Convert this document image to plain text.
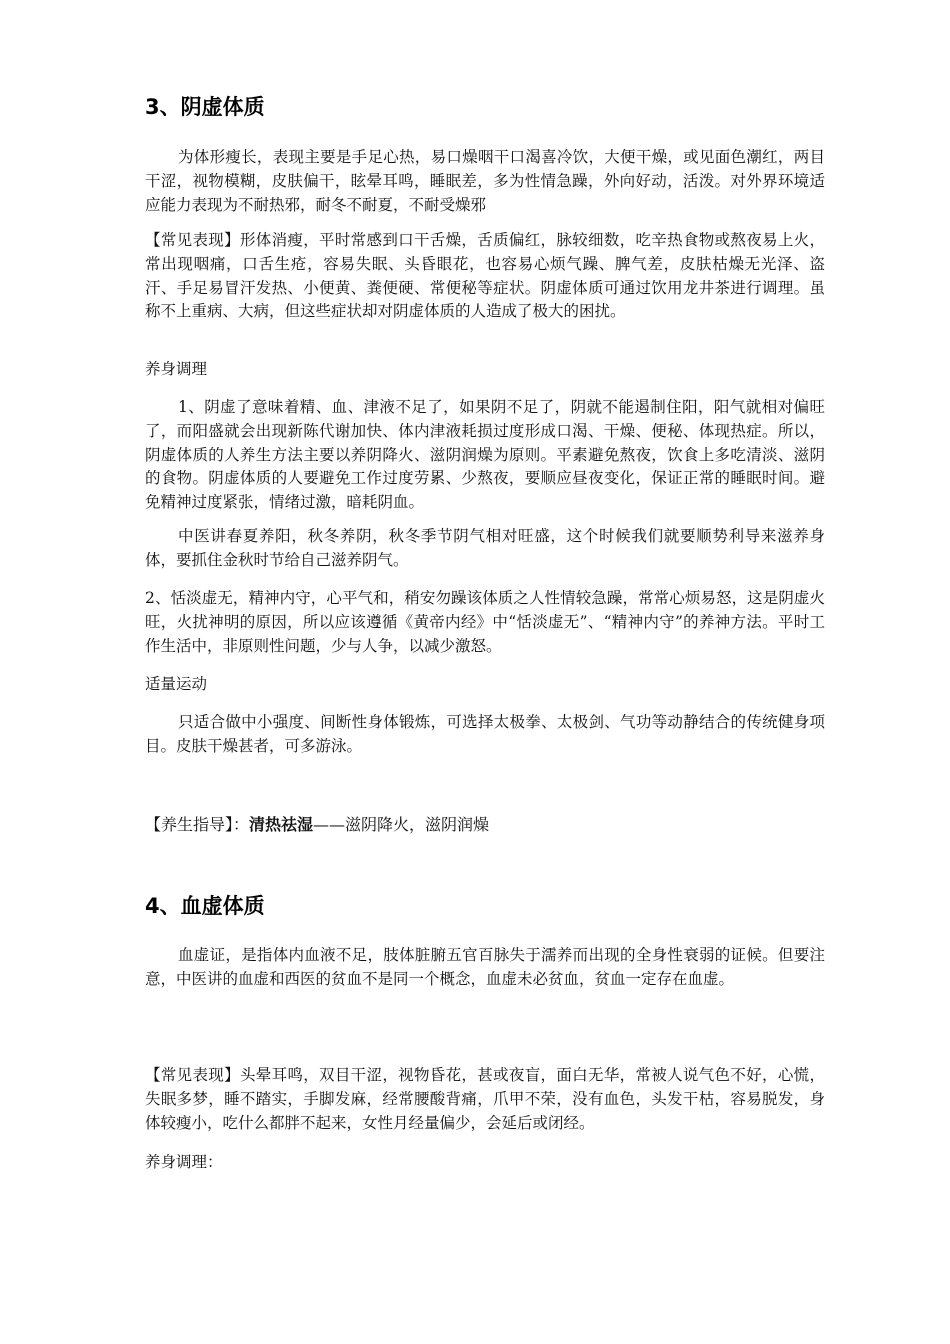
3、阴虚体质

为体形瘦长，表现主要是手足心热，易口燥咽干口渴喜冷饮，大便干燥，或见面色潮红，两目干涩，视物模糊，皮肤偏干，眩晕耳鸣，睡眠差，多为性情急躁，外向好动，活泼。对外界环境适应能力表现为不耐热邪，耐冬不耐夏，不耐受燥邪

【常见表现】形体消瘦，平时常感到口干舌燥，舌质偏红，脉较细数，吃辛热食物或熬夜易上火，常出现咽痛，口舌生疮，容易失眠、头昏眼花，也容易心烦气躁、脾气差，皮肤枯燥无光泽、盗汗、手足易冒汗发热、小便黄、粪便硬、常便秘等症状。阴虚体质可通过饮用龙井茶进行调理。虽称不上重病、大病，但这些症状却对阴虚体质的人造成了极大的困扰。

养身调理

1、阴虚了意味着精、血、津液不足了，如果阴不足了，阴就不能遏制住阳，阳气就相对偏旺了，而阳盛就会出现新陈代谢加快、体内津液耗损过度形成口渴、干燥、便秘、体现热症。所以，阴虚体质的人养生方法主要以养阴降火、滋阴润燥为原则。平素避免熬夜，饮食上多吃清淡、滋阴的食物。阴虚体质的人要避免工作过度劳累、少熬夜，要顺应昼夜变化，保证正常的睡眠时间。避免精神过度紧张，情绪过激，暗耗阴血。

中医讲春夏养阳，秋冬养阴，秋冬季节阴气相对旺盛，这个时候我们就要顺势利导来滋养身体，要抓住金秋时节给自己滋养阴气。

2、恬淡虚无，精神内守，心平气和，稍安勿躁该体质之人性情较急躁，常常心烦易怒，这是阴虚火旺，火扰神明的原因，所以应该遵循《黄帝内经》中“恬淡虚无”、“精神内守”的养神方法。平时工作生活中，非原则性问题，少与人争，以减少激怒。

适量运动

只适合做中小强度、间断性身体锻炼，可选择太极拳、太极剑、气功等动静结合的传统健身项目。皮肤干燥甚者，可多游泳。

【养生指导】：清热祛湿——滋阴降火，滋阴润燥

4、血虚体质

血虚证，是指体内血液不足，肢体脏腑五官百脉失于濡养而出现的全身性衰弱的证候。但要注意，中医讲的血虚和西医的贫血不是同一个概念，血虚未必贫血，贫血一定存在血虚。

【常见表现】头晕耳鸣，双目干涩，视物昏花，甚或夜盲，面白无华，常被人说气色不好，心慌，失眠多梦，睡不踏实，手脚发麻，经常腰酸背痛，爪甲不荣，没有血色，头发干枯，容易脱发，身体较瘦小，吃什么都胖不起来，女性月经量偏少，会延后或闭经。

养身调理：
